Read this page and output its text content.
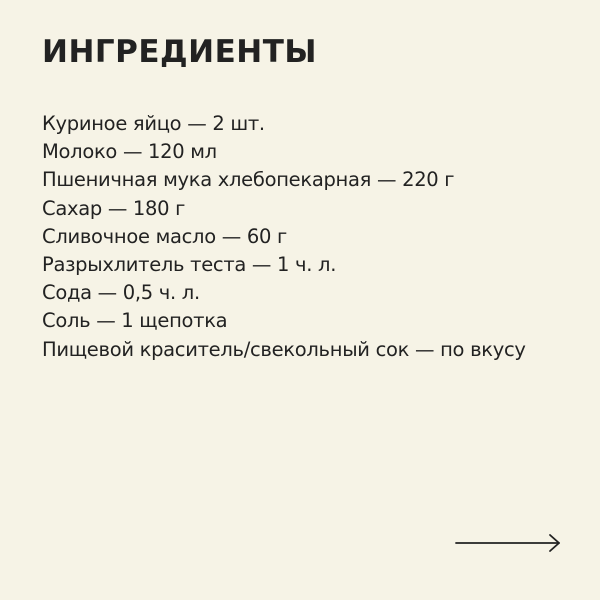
ИНГРЕДИЕНТЫ
Куриное яйцо — 2 шт.
Молоко — 120 мл
Пшеничная мука хлебопекарная — 220 г
Сахар — 180 г
Сливочное масло — 60 г
Разрыхлитель теста — 1 ч. л.
Сода — 0,5 ч. л.
Соль — 1 щепотка
Пищевой краситель/свекольный сок — по вкусу
